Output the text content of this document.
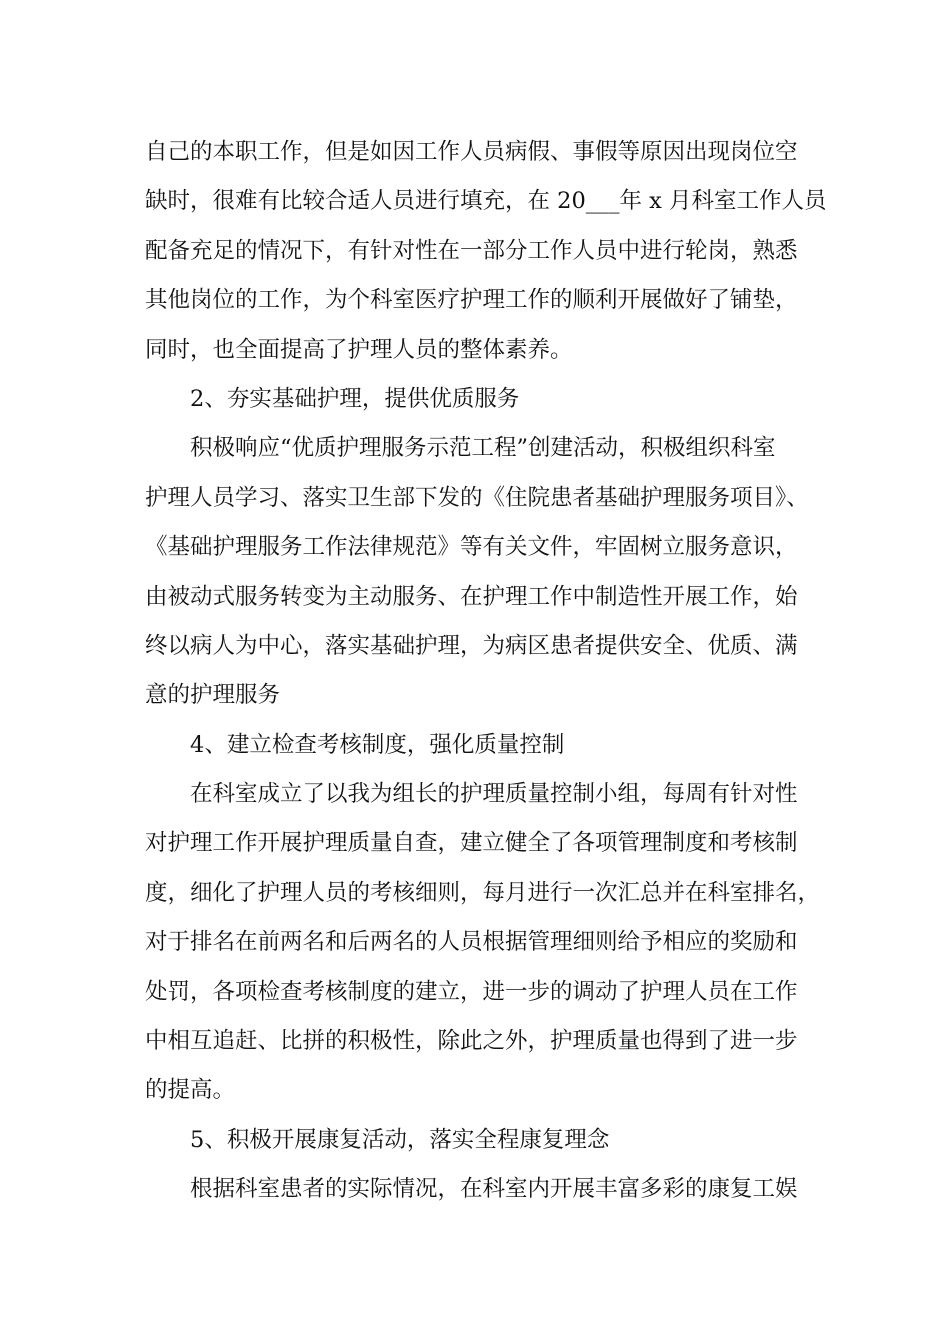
自己的本职工作，但是如因工作人员病假、事假等原因出现岗位空
缺时，很难有比较合适人员进行填充，在 20___年 x 月科室工作人员
配备充足的情况下，有针对性在一部分工作人员中进行轮岗，熟悉
其他岗位的工作，为个科室医疗护理工作的顺利开展做好了铺垫，
同时，也全面提高了护理人员的整体素养。
2、夯实基础护理，提供优质服务
积极响应“优质护理服务示范工程”创建活动，积极组织科室
护理人员学习、落实卫生部下发的《住院患者基础护理服务项目》、
《基础护理服务工作法律规范》等有关文件，牢固树立服务意识，
由被动式服务转变为主动服务、在护理工作中制造性开展工作，始
终以病人为中心，落实基础护理，为病区患者提供安全、优质、满
意的护理服务
4、建立检查考核制度，强化质量控制
在科室成立了以我为组长的护理质量控制小组，每周有针对性
对护理工作开展护理质量自查，建立健全了各项管理制度和考核制
度，细化了护理人员的考核细则，每月进行一次汇总并在科室排名，
对于排名在前两名和后两名的人员根据管理细则给予相应的奖励和
处罚，各项检查考核制度的建立，进一步的调动了护理人员在工作
中相互追赶、比拼的积极性，除此之外，护理质量也得到了进一步
的提高。
5、积极开展康复活动，落实全程康复理念
根据科室患者的实际情况，在科室内开展丰富多彩的康复工娱
